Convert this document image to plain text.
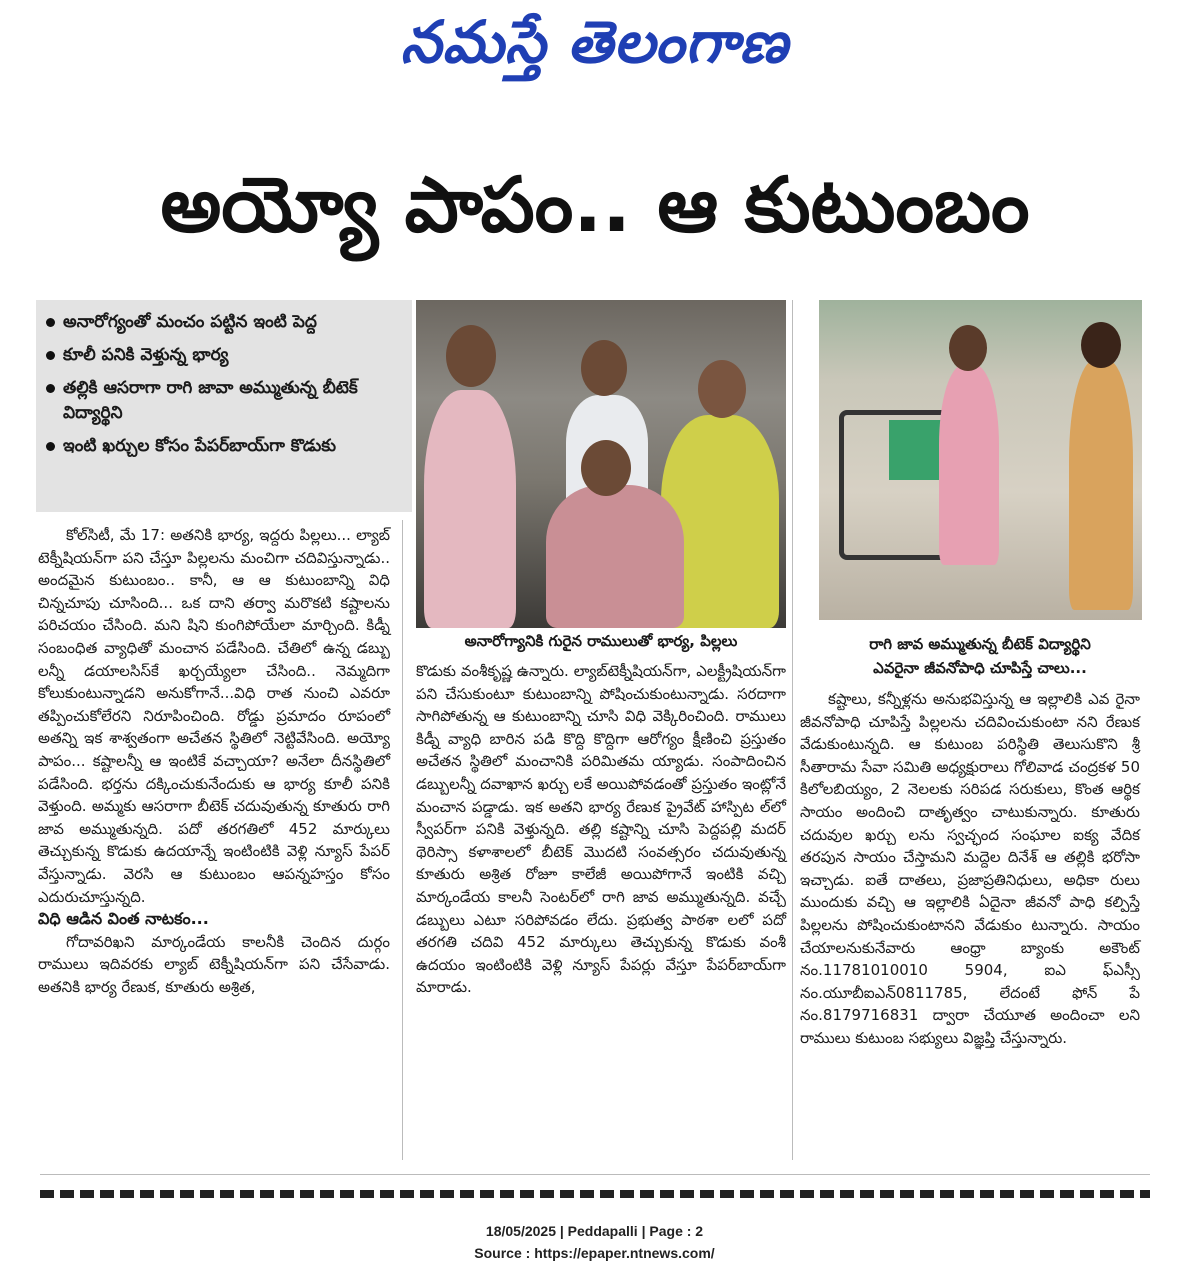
నమస్తే తెలంగాణ
అయ్యో పాపం.. ఆ కుటుంబం
అనారోగ్యంతో మంచం పట్టిన ఇంటి పెద్ద
కూలీ పనికి వెళ్తున్న భార్య
తల్లికి ఆసరాగా రాగి జావా అమ్ముతున్న బీటెక్ విద్యార్థిని
ఇంటి ఖర్చుల కోసం పేపర్‌బాయ్‌గా కొడుకు
అనారోగ్యానికి గురైన రాములుతో భార్య, పిల్లలు	రాగి జావ అమ్ముతున్న బీటెక్ విద్యార్థిని
ఎవరైనా జీవనోపాధి చూపిస్తే చాలు...

కోల్‌సిటీ, మే 17: అతనికి భార్య, ఇద్దరు పిల్లలు... ల్యాబ్ టెక్నీషియన్‌గా పని చేస్తూ పిల్లలను మంచిగా చదివిస్తున్నాడు.. అందమైన కుటుంబం.. కానీ, ఆ ఆ కుటుంబాన్ని విధి చిన్నచూపు చూసింది... ఒక దాని తర్వా మరొకటి కష్టాలను పరిచయం చేసింది. మని షిని కుంగిపోయేలా మార్చింది. కిడ్నీ సంబంధిత వ్యాధితో మంచాన పడేసింది. చేతిలో ఉన్న డబ్బు లన్నీ డయాలసిస్‌కే ఖర్చయ్యేలా చేసింది.. నెమ్మదిగా కోలుకుంటున్నాడని అనుకోగానే...విధి రాత నుంచి ఎవరూ తప్పించుకోలేరని నిరూపించింది. రోడ్డు ప్రమాదం రూపంలో అతన్ని ఇక శాశ్వతంగా అచేతన స్థితిలో నెట్టివేసింది. అయ్యో పాపం... కష్టాలన్నీ ఆ ఇంటికే వచ్చాయా? అనేలా దీనస్థితిలో పడేసింది. భర్తను దక్కించుకునేందుకు ఆ భార్య కూలీ పనికి వెళ్తుంది. అమ్మకు ఆసరాగా బీటెక్ చదువుతున్న కూతురు రాగి జావ అమ్ముతున్నది. పదో తరగతిలో 452 మార్కులు తెచ్చుకున్న కొడుకు ఉదయాన్నే ఇంటింటికి వెళ్లి న్యూస్ పేపర్ వేస్తున్నాడు. వెరసి ఆ కుటుంబం ఆపన్నహస్తం కోసం ఎదురుచూస్తున్నది.

విధి ఆడిన వింత నాటకం...

గోదావరిఖని మార్కండేయ కాలనీకి చెందిన దుర్గం రాములు ఇదివరకు ల్యాబ్ టెక్నీషియన్‌గా పని చేసేవాడు. అతనికి భార్య రేణుక, కూతురు అశ్రిత,

కొడుకు వంశీకృష్ణ ఉన్నారు. ల్యాబ్‌టెక్నీషియన్‌గా, ఎలక్ట్రీషియన్‌గా పని చేసుకుంటూ కుటుంబాన్ని పోషించుకుంటున్నాడు. సరదాగా సాగిపోతున్న ఆ కుటుంబాన్ని చూసి విధి వెక్కిరించింది. రాములు కిడ్నీ వ్యాధి బారిన పడి కొద్ది కొద్దిగా ఆరోగ్యం క్షీణించి ప్రస్తుతం అచేతన స్థితిలో మంచానికి పరిమితమ య్యాడు. సంపాదించిన డబ్బులన్నీ దవాఖాన ఖర్చు లకే అయిపోవడంతో ప్రస్తుతం ఇంట్లోనే మంచాన పడ్డాడు. ఇక అతని భార్య రేణుక ప్రైవేట్ హాస్పిట ల్‌లో స్వీపర్‌గా పనికి వెళ్తున్నది. తల్లి కష్టాన్ని చూసి పెద్దపల్లి మదర్ థెరిస్సా కళాశాలలో బీటెక్ మొదటి సంవత్సరం చదువుతున్న కూతురు అశ్రిత రోజూ కాలేజీ అయిపోగానే ఇంటికి వచ్చి మార్కండేయ కాలనీ సెంటర్‌లో రాగి జావ అమ్ముతున్నది. వచ్చే డబ్బులు ఎటూ సరిపోవడం లేదు. ప్రభుత్వ పాఠశా లలో పదో తరగతి చదివి 452 మార్కులు తెచ్చుకున్న కొడుకు వంశీ ఉదయం ఇంటింటికి వెళ్లి న్యూస్ పేపర్లు వేస్తూ పేపర్‌బాయ్‌గా మారాడు.

కష్టాలు, కన్నీళ్లను అనుభవిస్తున్న ఆ ఇల్లాలికి ఎవ రైనా జీవనోపాధి చూపిస్తే పిల్లలను చదివించుకుంటా నని రేణుక వేడుకుంటున్నది. ఆ కుటుంబ పరిస్థితి తెలుసుకొని శ్రీ సీతారామ సేవా సమితి అధ్యక్షురాలు గోలివాడ చంద్రకళ 50 కిలోలబియ్యం, 2 నెలలకు సరిపడ సరుకులు, కొంత ఆర్థిక సాయం అందించి దాతృత్వం చాటుకున్నారు. కూతురు చదువుల ఖర్చు లను స్వచ్ఛంద సంఘాల ఐక్య వేదిక తరపున సాయం చేస్తామని మద్దెల దినేశ్ ఆ తల్లికి భరోసా ఇచ్చాడు. ఐతే దాతలు, ప్రజాప్రతినిధులు, అధికా రులు ముందుకు వచ్చి ఆ ఇల్లాలికి ఏదైనా జీవనో పాధి కల్పిస్తే పిల్లలను పోషించుకుంటానని వేడుకుం టున్నారు. సాయం చేయాలనుకునేవారు ఆంధ్రా బ్యాంకు అకౌంట్ నం.11781010010 5904, ఐఎ ఫ్ఎస్సీ నం.యూబీఐఎన్0811785, లేదంటే ఫోన్ పే నం.8179716831 ద్వారా చేయూత అందించా లని రాములు కుటుంబ సభ్యులు విజ్ఞప్తి చేస్తున్నారు.

18/05/2025 | Peddapalli | Page : 2
Source : https://epaper.ntnews.com/
